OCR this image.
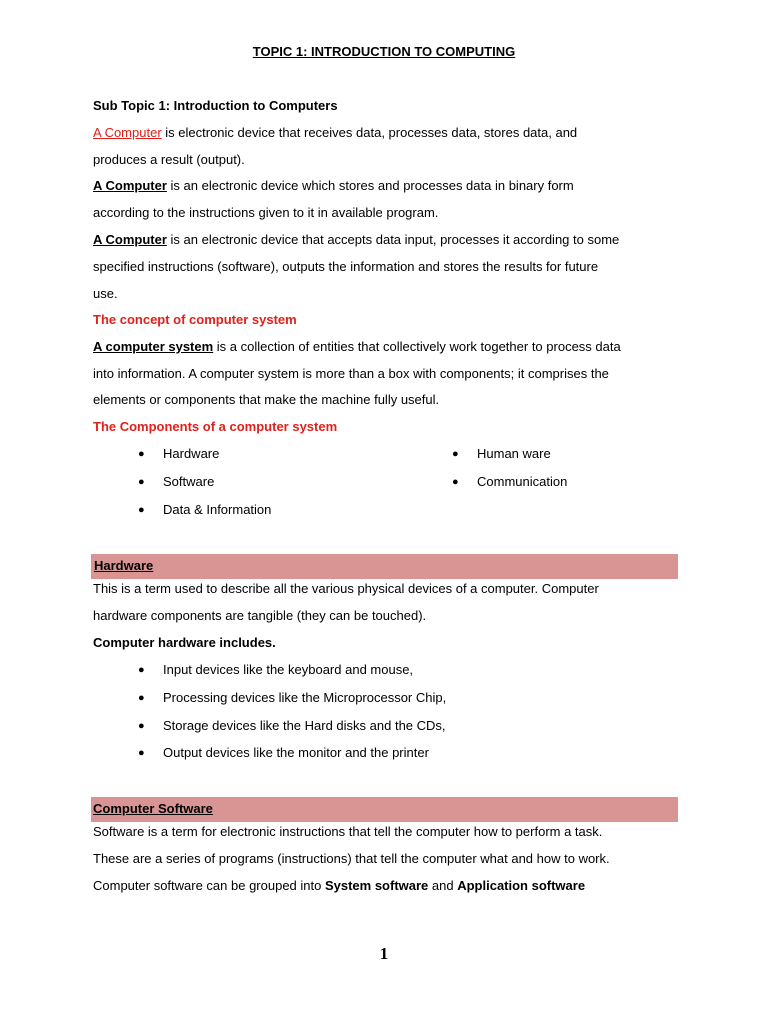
TOPIC 1: INTRODUCTION TO COMPUTING
Sub Topic 1: Introduction to Computers
A Computer is electronic device that receives data, processes data, stores data, and
produces a result (output).
A Computer is an electronic device which stores and processes data in binary form
according to the instructions given to it in available program.
A Computer is an electronic device that accepts data input, processes it according to some
specified instructions (software), outputs the information and stores the results for future
use.
The concept of computer system
A computer system is a collection of entities that collectively work together to process data
into information. A computer system is more than a box with components; it comprises the
elements or components that make the machine fully useful.
The Components of a computer system
● Hardware
● Software
● Data & Information
● Human ware
● Communication
Hardware
This is a term used to describe all the various physical devices of a computer. Computer
hardware components are tangible (they can be touched).
Computer hardware includes.
● Input devices like the keyboard and mouse,
● Processing devices like the Microprocessor Chip,
● Storage devices like the Hard disks and the CDs,
● Output devices like the monitor and the printer
Computer Software
Software is a term for electronic instructions that tell the computer how to perform a task.
These are a series of programs (instructions) that tell the computer what and how to work.
Computer software can be grouped into System software and Application software
1
